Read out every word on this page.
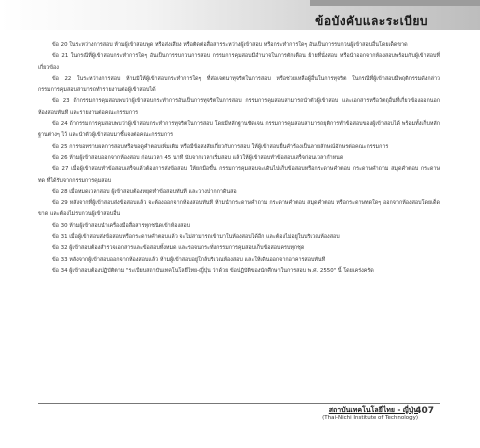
ข้อบังคับและระเบียบ

ข้อ 20 ในระหว่างการสอบ ห้ามผู้เข้าสอบพูด หรือส่งเสียง หรือติดต่อสื่อสารระหว่างผู้เข้าสอบ หรือกระทำการใดๆ อันเป็นการรบกวนผู้เข้าสอบอื่นโดยเด็ดขาด

ข้อ 21 ในกรณีที่ผู้เข้าสอบกระทำการใดๆ อันเป็นการรบกวนการสอบ กรรมการคุมสอบมีอำนาจในการตักเตือน ย้ายที่นั่งสอบ หรือนำออกจากห้องสอบพร้อมกับผู้เข้าสอบที่เกี่ยวข้อง

ข้อ 22 ในระหว่างการสอบ ห้ามมิให้ผู้เข้าสอบกระทำการใดๆ ที่ส่อเจตนาทุจริตในการสอบ หรือช่วยเหลือผู้อื่นในการทุจริต ในกรณีที่ผู้เข้าสอบมีพฤติกรรมดังกล่าว กรรมการคุมสอบสามารถทำรายงานต่อผู้เข้าสอบได้

ข้อ 23 ถ้ากรรมการคุมสอบพบว่าผู้เข้าสอบกระทำการอันเป็นการทุจริตในการสอบ กรรมการคุมสอบสามารถนำตัวผู้เข้าสอบ และเอกสารหรือวัตถุอื่นที่เกี่ยวข้องออกนอกห้องสอบทันที และรายงานต่อคณะกรรมการ

ข้อ 24 ถ้ากรรมการคุมสอบพบว่าผู้เข้าสอบกระทำการทุจริตในการสอบ โดยมีหลักฐานชัดเจน กรรมการคุมสอบสามารถยุติการทำข้อสอบของผู้เข้าสอบได้ พร้อมทั้งเก็บหลักฐานต่างๆ ไว้ และนำตัวผู้เข้าสอบมาชี้แจงต่อคณะกรรมการ

ข้อ 25 การขอทราบผลการสอบหรือขอดูคำตอบเพิ่มเติม หรือมีข้อสงสัยเกี่ยวกับการสอบ ให้ผู้เข้าสอบยื่นคำร้องเป็นลายลักษณ์อักษรต่อคณะกรรมการ

ข้อ 26 ห้ามผู้เข้าสอบออกจากห้องสอบ ก่อนเวลา 45 นาที นับจากเวลาเริ่มสอบ แล้วให้ผู้เข้าสอบทำข้อสอบเสร็จก่อนเวลากำหนด

ข้อ 27 เมื่อผู้เข้าสอบทำข้อสอบเสร็จแล้วต้องการส่งข้อสอบ ให้ยกมือขึ้น กรรมการคุมสอบจะเดินไปเก็บข้อสอบหรือกระดาษคำตอบ กระดาษคำถาม สมุดคำตอบ กระดาษทด ที่ได้รับจากกรรมการคุมสอบ

ข้อ 28 เมื่อหมดเวลาสอบ ผู้เข้าสอบต้องหยุดทำข้อสอบทันที และวางปากกาดินสอ

ข้อ 29 หลังจากที่ผู้เข้าสอบส่งข้อสอบแล้ว จะต้องออกจากห้องสอบทันที ห้ามนำกระดาษคำถาม กระดาษคำตอบ สมุดคำตอบ หรือกระดาษทดใดๆ ออกจากห้องสอบโดยเด็ดขาด และต้องไม่รบกวนผู้เข้าสอบอื่น

ข้อ 30 ห้ามผู้เข้าสอบนำเครื่องมือสื่อสารทุกชนิดเข้าห้องสอบ

ข้อ 31 เมื่อผู้เข้าสอบส่งข้อสอบหรือกระดาษคำตอบแล้ว จะไม่สามารถเข้ามาในห้องสอบได้อีก และต้องไม่อยู่ในบริเวณห้องสอบ

ข้อ 32 ผู้เข้าสอบต้องสำรวจเอกสารและข้อสอบทั้งหมด และรอจนกระทั่งกรรมการคุมสอบเก็บข้อสอบครบทุกชุด

ข้อ 33 หลังจากผู้เข้าสอบออกจากห้องสอบแล้ว ห้ามผู้เข้าสอบอยู่ใกล้บริเวณห้องสอบ และให้เดินออกจากอาคารสอบทันที

ข้อ 34 ผู้เข้าสอบต้องปฏิบัติตาม "ระเบียบสถาบันเทคโนโลยีไทย-ญี่ปุ่น ว่าด้วย ข้อปฏิบัติของนักศึกษาในการสอบ พ.ศ. 2550" นี้ โดยเคร่งครัด

สถาบันเทคโนโลยีไทย - ญี่ปุ่น
(Thai-Nichi Institute of Technology)
407
